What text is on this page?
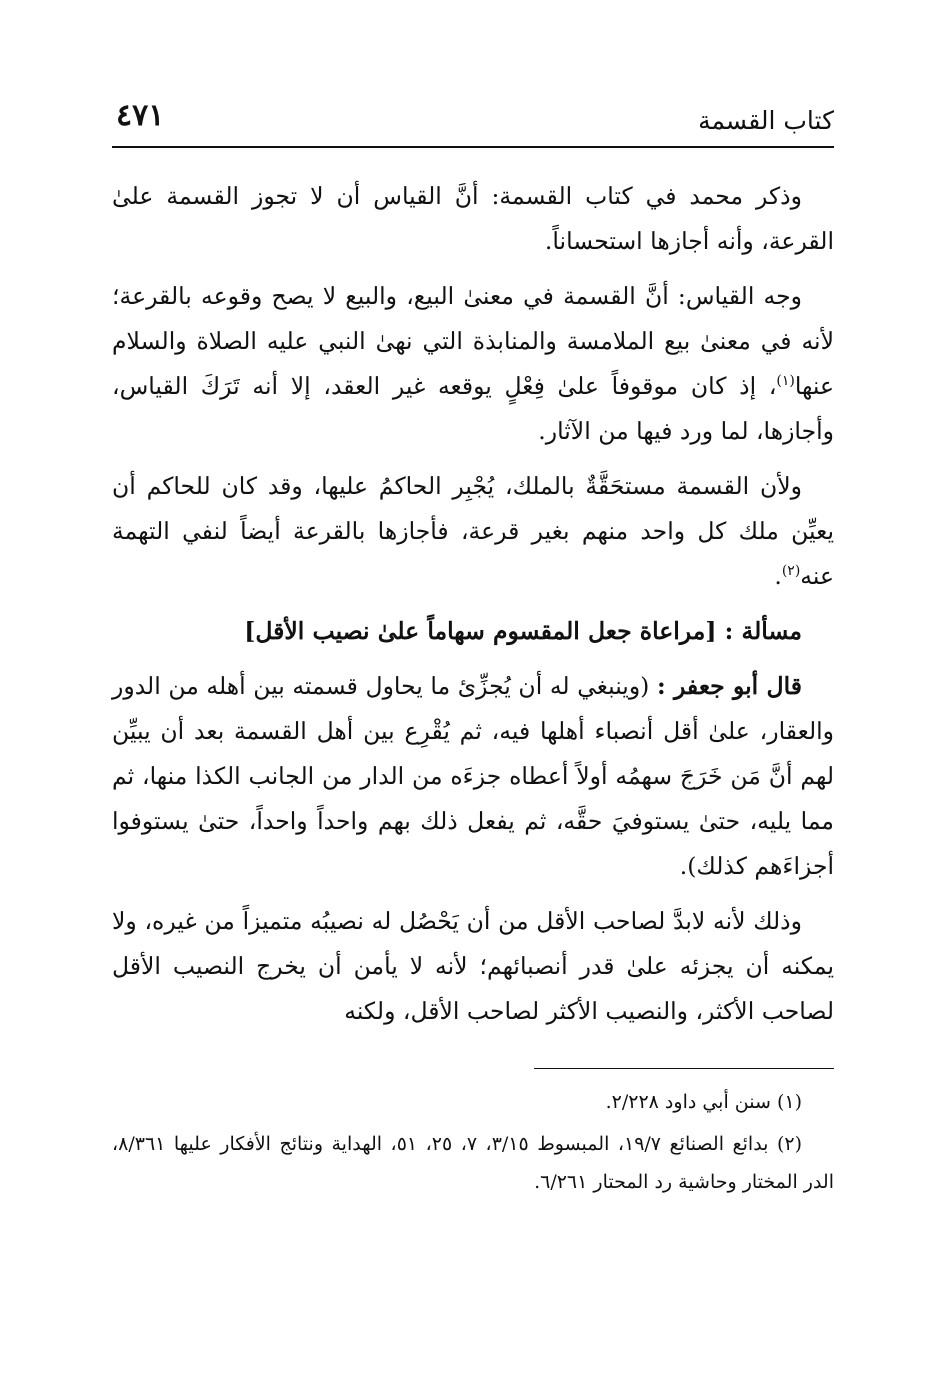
كتاب القسمة
٤٧١

وذكر محمد في كتاب القسمة: أنَّ القياس أن لا تجوز القسمة علىٰ القرعة، وأنه أجازها استحساناً.

وجه القياس: أنَّ القسمة في معنىٰ البيع، والبيع لا يصح وقوعه بالقرعة؛ لأنه في معنىٰ بيع الملامسة والمنابذة التي نهىٰ النبي عليه الصلاة والسلام عنها$^{(١)}$، إذ كان موقوفاً علىٰ فِعْلٍ يوقعه غير العقد، إلا أنه تَرَكَ القياس، وأجازها، لما ورد فيها من الآثار.

ولأن القسمة مستحَقَّةٌ بالملك، يُجْبِر الحاكمُ عليها، وقد كان للحاكم أن يعيِّن ملك كل واحد منهم بغير قرعة، فأجازها بالقرعة أيضاً لنفي التهمة عنه$^{(٢)}$.

مسألة : [مراعاة جعل المقسوم سهاماً علىٰ نصيب الأقل]

قال أبو جعفر : (وينبغي له أن يُجزِّئ ما يحاول قسمته بين أهله من الدور والعقار، علىٰ أقل أنصباء أهلها فيه، ثم يُقْرِع بين أهل القسمة بعد أن يبيِّن لهم أنَّ مَن خَرَجَ سهمُه أولاً أعطاه جزءَه من الدار من الجانب الكذا منها، ثم مما يليه، حتىٰ يستوفيَ حقَّه، ثم يفعل ذلك بهم واحداً واحداً، حتىٰ يستوفوا أجزاءَهم كذلك).

وذلك لأنه لابدَّ لصاحب الأقل من أن يَحْصُل له نصيبُه متميزاً من غيره، ولا يمكنه أن يجزئه علىٰ قدر أنصبائهم؛ لأنه لا يأمن أن يخرج النصيب الأقل لصاحب الأكثر، والنصيب الأكثر لصاحب الأقل، ولكنه

(١) سنن أبي داود ٢/٢٢٨.

(٢) بدائع الصنائع ١٩/٧، المبسوط ٣/١٥، ٧، ٢٥، ٥١، الهداية ونتائج الأفكار عليها ٨/٣٦١، الدر المختار وحاشية رد المحتار ٦/٢٦١.
